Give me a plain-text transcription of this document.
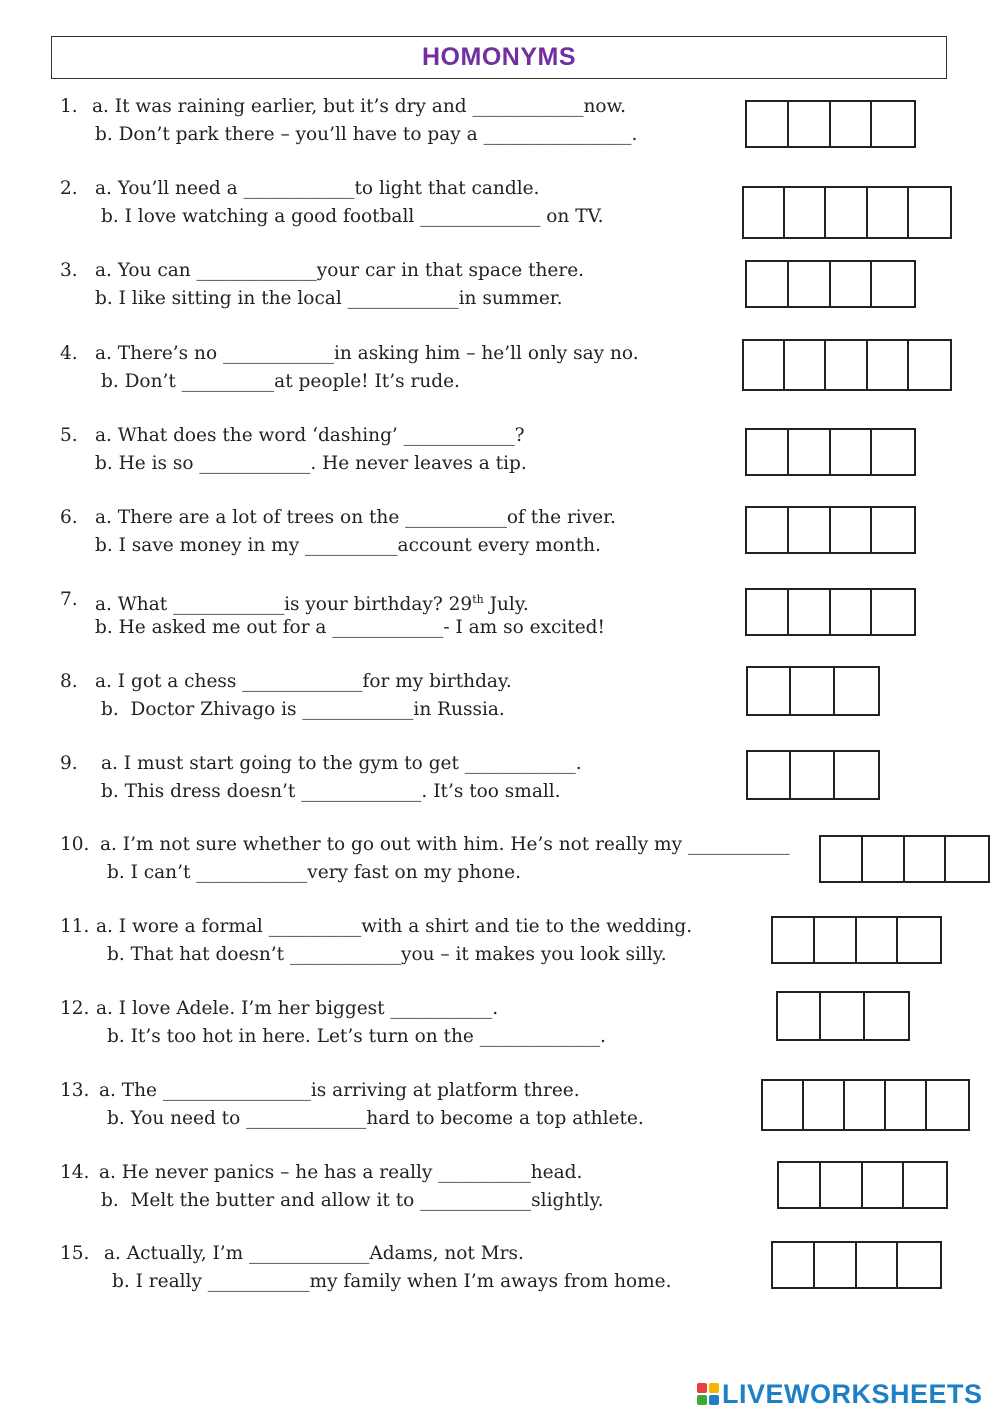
HOMONYMS
1. a. It was raining earlier, but it’s dry and ____________now.
b. Don’t park there – you’ll have to pay a ________________.
2. a. You’ll need a ____________to light that candle.
b. I love watching a good football _____________ on TV.
3. a. You can _____________your car in that space there.
b. I like sitting in the local ____________in summer.
4. a. There’s no ____________in asking him – he’ll only say no.
b. Don’t __________at people! It’s rude.
5. a. What does the word ‘dashing’ ____________?
b. He is so ____________. He never leaves a tip.
6. a. There are a lot of trees on the ___________of the river.
b. I save money in my __________account every month.
7. a. What ____________is your birthday? 29th July.
b. He asked me out for a ____________- I am so excited!
8. a. I got a chess _____________for my birthday.
b.  Doctor Zhivago is ____________in Russia.
9. a. I must start going to the gym to get ____________.
b. This dress doesn’t _____________. It’s too small.
10. a. I’m not sure whether to go out with him. He’s not really my ___________
b. I can’t ____________very fast on my phone.
11. a. I wore a formal __________with a shirt and tie to the wedding.
b. That hat doesn’t ____________you – it makes you look silly.
12. a. I love Adele. I’m her biggest ___________.
b. It’s too hot in here. Let’s turn on the _____________.
13. a. The ________________is arriving at platform three.
b. You need to _____________hard to become a top athlete.
14. a. He never panics – he has a really __________head.
b.  Melt the butter and allow it to ____________slightly.
15. a. Actually, I’m _____________Adams, not Mrs.
b. I really ___________my family when I’m aways from home.
LIVEWORKSHEETS
